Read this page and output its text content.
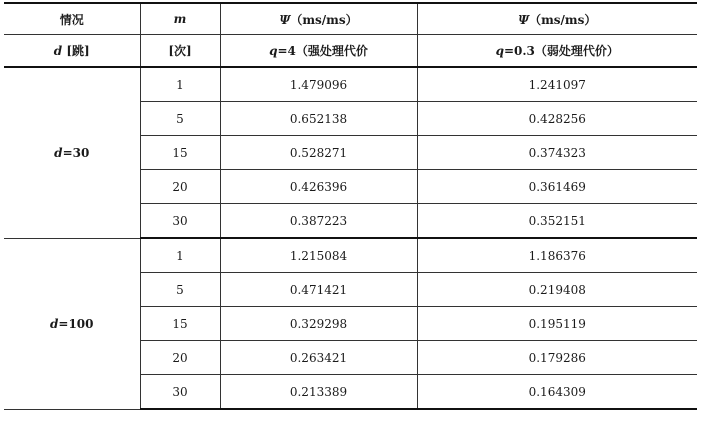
情况	m	Ψ（ms/ms）	Ψ（ms/ms）
d [跳]	[次]	q=4（强处理代价	q=0.3（弱处理代价）
d=30	1	1.479096	1.241097
	5	0.652138	0.428256
	15	0.528271	0.374323
	20	0.426396	0.361469
	30	0.387223	0.352151
d=100	1	1.215084	1.186376
	5	0.471421	0.219408
	15	0.329298	0.195119
	20	0.263421	0.179286
	30	0.213389	0.164309
